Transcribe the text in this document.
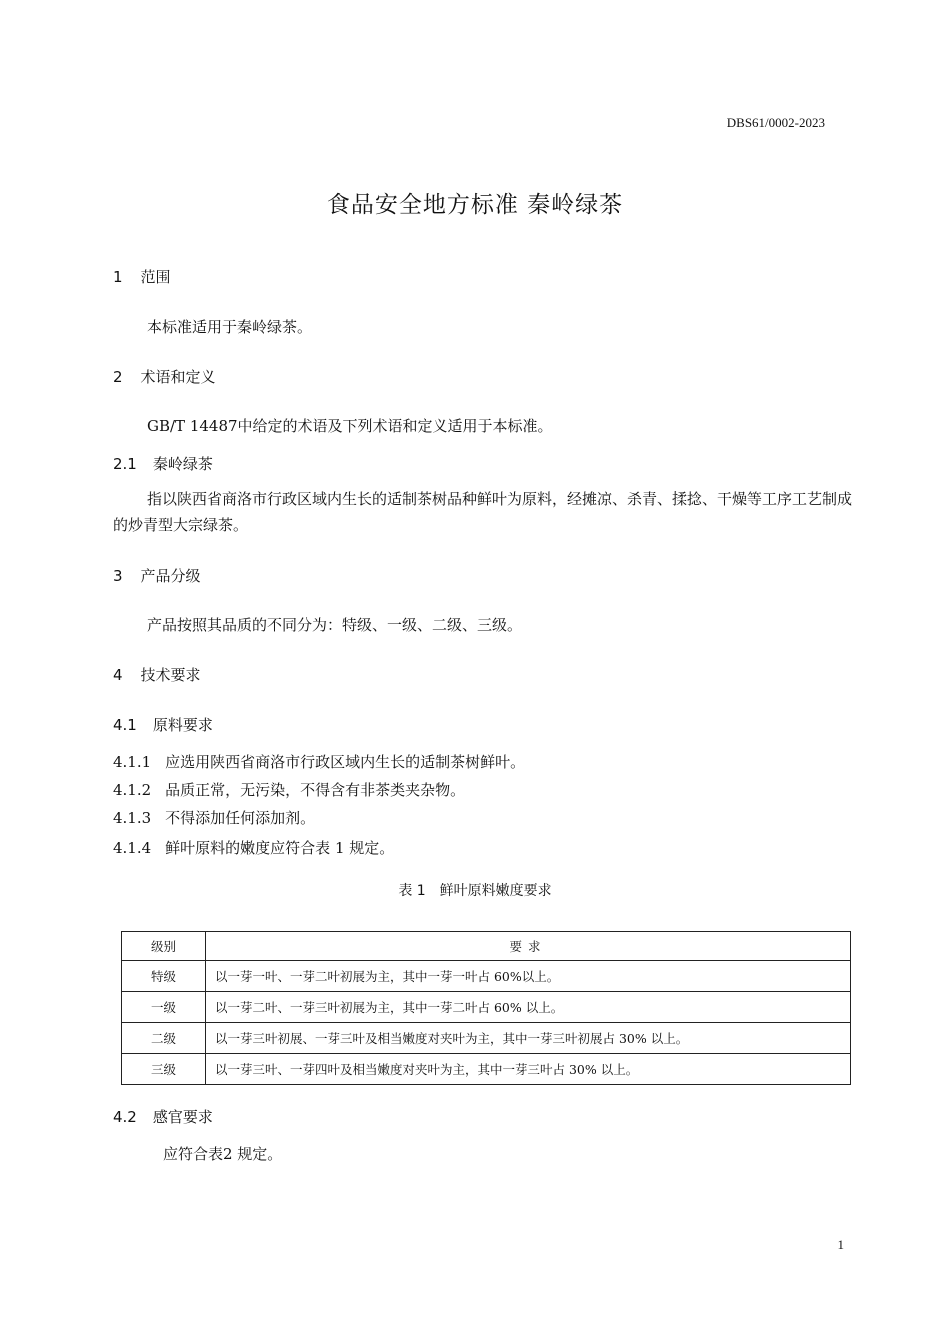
DBS61/0002-2023
食品安全地方标准 秦岭绿茶
1 范围
本标准适用于秦岭绿茶。
2 术语和定义
GB/T 14487中给定的术语及下列术语和定义适用于本标准。
2.1 秦岭绿茶
指以陕西省商洛市行政区域内生长的适制茶树品种鲜叶为原料，经摊凉、杀青、揉捻、干燥等工序工艺制成的炒青型大宗绿茶。
3 产品分级
产品按照其品质的不同分为：特级、一级、二级、三级。
4 技术要求
4.1 原料要求
4.1.1 应选用陕西省商洛市行政区域内生长的适制茶树鲜叶。
4.1.2 品质正常，无污染，不得含有非茶类夹杂物。
4.1.3 不得添加任何添加剂。
4.1.4 鲜叶原料的嫩度应符合表 1 规定。
表 1 鲜叶原料嫩度要求
级别	要求
特级	以一芽一叶、一芽二叶初展为主，其中一芽一叶占 60%以上。
一级	以一芽二叶、一芽三叶初展为主，其中一芽二叶占 60% 以上。
二级	以一芽三叶初展、一芽三叶及相当嫩度对夹叶为主，其中一芽三叶初展占 30% 以上。
三级	以一芽三叶、一芽四叶及相当嫩度对夹叶为主，其中一芽三叶占 30% 以上。
4.2 感官要求
应符合表2 规定。
1
